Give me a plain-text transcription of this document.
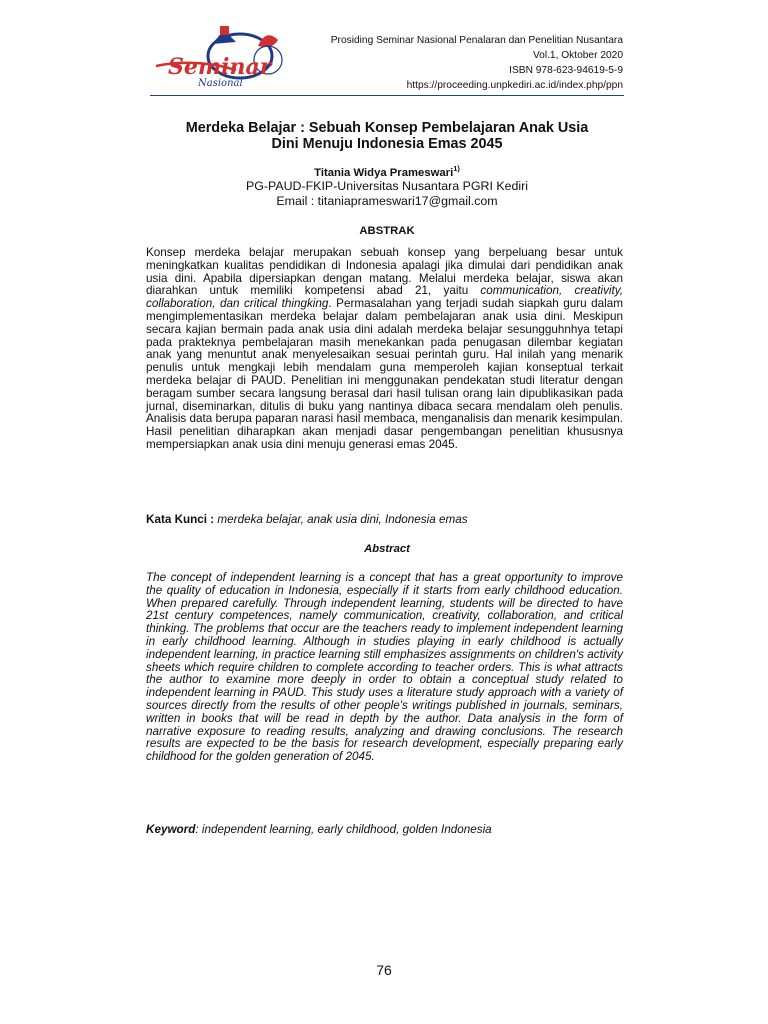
Seminar
Nasional
Prosiding Seminar Nasional Penalaran dan Penelitian Nusantara
Vol.1, Oktober 2020
ISBN 978-623-94619-5-9
https://proceeding.unpkediri.ac.id/index.php/ppn
Merdeka Belajar : Sebuah Konsep Pembelajaran Anak Usia
Dini Menuju Indonesia Emas 2045
Titania Widya Prameswari$^{1)}$
PG-PAUD-FKIP-Universitas Nusantara PGRI Kediri
Email : titaniaprameswari17@gmail.com
ABSTRAK
Konsep merdeka belajar merupakan sebuah konsep yang berpeluang besar untuk meningkatkan kualitas pendidikan di Indonesia apalagi jika dimulai dari pendidikan anak usia dini. Apabila dipersiapkan dengan matang. Melalui merdeka belajar, siswa akan diarahkan untuk memiliki kompetensi abad 21, yaitu communication, creativity, collaboration, dan critical thingking. Permasalahan yang terjadi sudah siapkah guru dalam mengimplementasikan merdeka belajar dalam pembelajaran anak usia dini. Meskipun secara kajian bermain pada anak usia dini adalah merdeka belajar sesungguhnhya tetapi pada prakteknya pembelajaran masih menekankan pada penugasan dilembar kegiatan anak yang menuntut anak menyelesaikan sesuai perintah guru. Hal inilah yang menarik penulis untuk mengkaji lebih mendalam guna memperoleh kajian konseptual terkait merdeka belajar di PAUD. Penelitian ini menggunakan pendekatan studi literatur dengan beragam sumber secara langsung berasal dari hasil tulisan orang lain dipublikasikan pada jurnal, diseminarkan, ditulis di buku yang nantinya dibaca secara mendalam oleh penulis. Analisis data berupa paparan narasi hasil membaca, menganalisis dan menarik kesimpulan. Hasil penelitian diharapkan akan menjadi dasar pengembangan penelitian khususnya mempersiapkan anak usia dini menuju generasi emas 2045.
Kata Kunci : merdeka belajar, anak usia dini, Indonesia emas
Abstract
The concept of independent learning is a concept that has a great opportunity to improve the quality of education in Indonesia, especially if it starts from early childhood education. When prepared carefully. Through independent learning, students will be directed to have 21st century competences, namely communication, creativity, collaboration, and critical thinking. The problems that occur are the teachers ready to implement independent learning in early childhood learning. Although in studies playing in early childhood is actually independent learning, in practice learning still emphasizes assignments on children's activity sheets which require children to complete according to teacher orders. This is what attracts the author to examine more deeply in order to obtain a conceptual study related to independent learning in PAUD. This study uses a literature study approach with a variety of sources directly from the results of other people's writings published in journals, seminars, written in books that will be read in depth by the author. Data analysis in the form of narrative exposure to reading results, analyzing and drawing conclusions. The research results are expected to be the basis for research development, especially preparing early childhood for the golden generation of 2045.
Keyword: independent learning, early childhood, golden Indonesia
76
